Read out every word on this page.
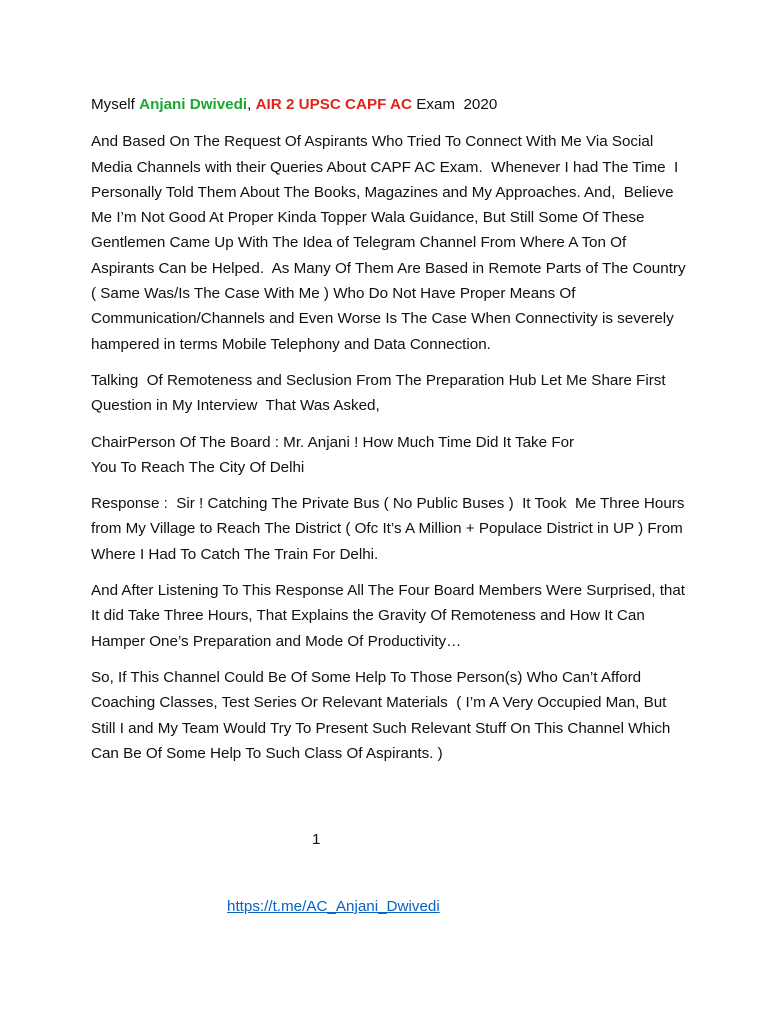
Myself Anjani Dwivedi, AIR 2 UPSC CAPF AC Exam  2020

And Based On The Request Of Aspirants Who Tried To Connect With Me Via Social Media Channels with their Queries About CAPF AC Exam.  Whenever I had The Time  I Personally Told Them About The Books, Magazines and My Approaches. And,  Believe Me I’m Not Good At Proper Kinda Topper Wala Guidance, But Still Some Of These Gentlemen Came Up With The Idea of Telegram Channel From Where A Ton Of Aspirants Can be Helped.  As Many Of Them Are Based in Remote Parts of The Country ( Same Was/Is The Case With Me ) Who Do Not Have Proper Means Of Communication/Channels and Even Worse Is The Case When Connectivity is severely hampered in terms Mobile Telephony and Data Connection.

Talking  Of Remoteness and Seclusion From The Preparation Hub Let Me Share First Question in My Interview  That Was Asked,

ChairPerson Of The Board : Mr. Anjani ! How Much Time Did It Take For
You To Reach The City Of Delhi

Response :  Sir ! Catching The Private Bus ( No Public Buses )  It Took  Me Three Hours from My Village to Reach The District ( Ofc It’s A Million + Populace District in UP ) From Where I Had To Catch The Train For Delhi.

And After Listening To This Response All The Four Board Members Were Surprised, that It did Take Three Hours, That Explains the Gravity Of Remoteness and How It Can Hamper One’s Preparation and Mode Of Productivity…

So, If This Channel Could Be Of Some Help To Those Person(s) Who Can’t Afford Coaching Classes, Test Series Or Relevant Materials  ( I’m A Very Occupied Man, But Still I and My Team Would Try To Present Such Relevant Stuff On This Channel Which Can Be Of Some Help To Such Class Of Aspirants. )

1
https://t.me/AC_Anjani_Dwivedi
